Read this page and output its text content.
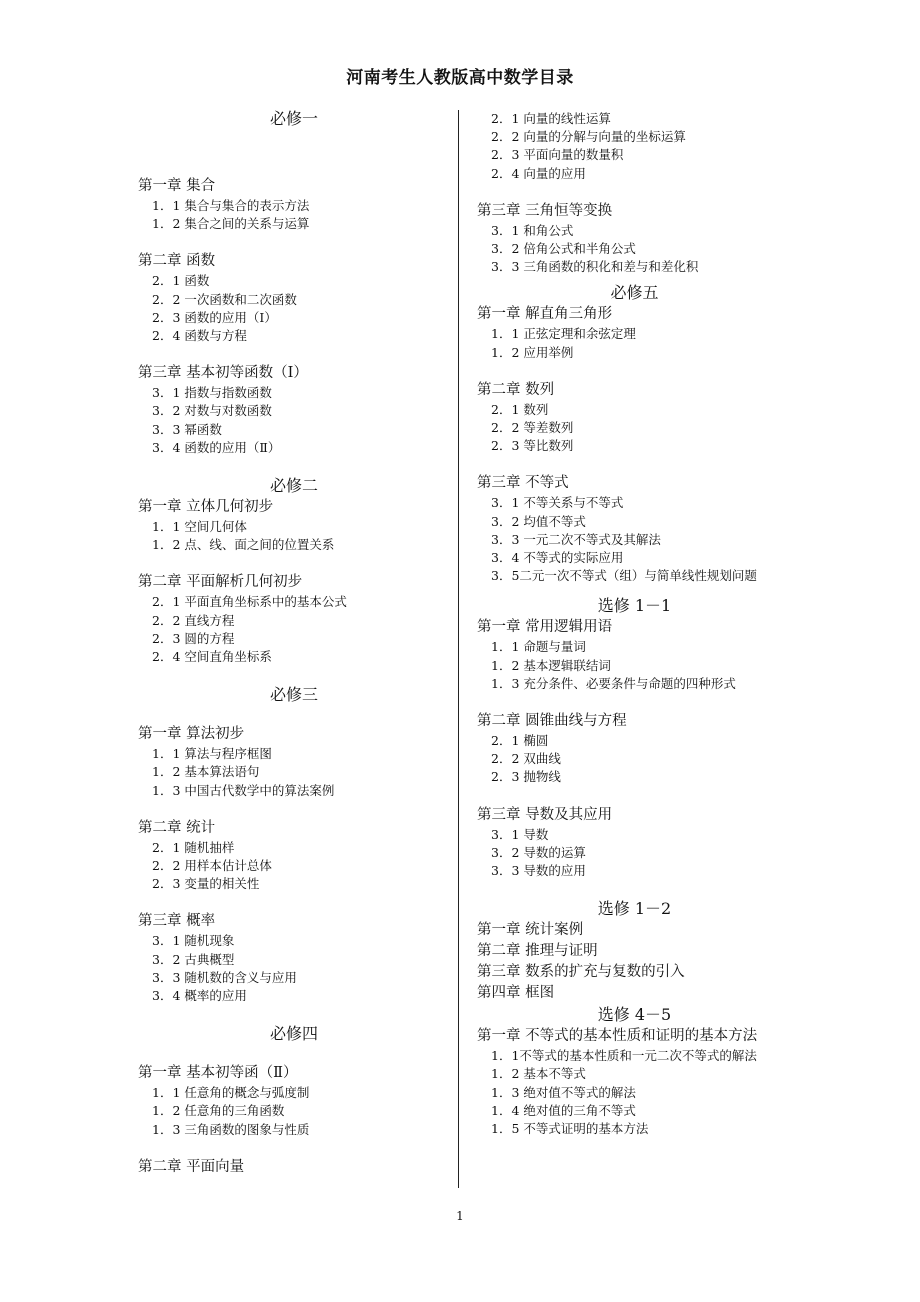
河南考生人教版高中数学目录
必修一
第一章 集合
1．1 集合与集合的表示方法
1．2 集合之间的关系与运算
第二章 函数
2．1 函数
2．2 一次函数和二次函数
2．3 函数的应用（Ⅰ）
2．4 函数与方程
第三章 基本初等函数（Ⅰ）
3．1 指数与指数函数
3．2 对数与对数函数
3．3 幂函数
3．4 函数的应用（Ⅱ）
必修二
第一章 立体几何初步
1．1 空间几何体
1．2 点、线、面之间的位置关系
第二章 平面解析几何初步
2．1 平面直角坐标系中的基本公式
2．2 直线方程
2．3 圆的方程
2．4 空间直角坐标系
必修三
第一章 算法初步
1．1 算法与程序框图
1．2 基本算法语句
1．3 中国古代数学中的算法案例
第二章 统计
2．1 随机抽样
2．2 用样本估计总体
2．3 变量的相关性
第三章 概率
3．1 随机现象
3．2 古典概型
3．3 随机数的含义与应用
3．4 概率的应用
必修四
第一章 基本初等函（Ⅱ）
1．1 任意角的概念与弧度制
1．2 任意角的三角函数
1．3 三角函数的图象与性质
第二章 平面向量
2．1 向量的线性运算
2．2 向量的分解与向量的坐标运算
2．3 平面向量的数量积
2．4 向量的应用
第三章 三角恒等变换
3．1 和角公式
3．2 倍角公式和半角公式
3．3 三角函数的积化和差与和差化积
必修五
第一章 解直角三角形
1．1 正弦定理和余弦定理
1．2 应用举例
第二章 数列
2．1 数列
2．2 等差数列
2．3 等比数列
第三章 不等式
3．1 不等关系与不等式
3．2 均值不等式
3．3 一元二次不等式及其解法
3．4 不等式的实际应用
3．5二元一次不等式（组）与简单线性规划问题
选修 1－1
第一章 常用逻辑用语
1．1 命题与量词
1．2 基本逻辑联结词
1．3 充分条件、必要条件与命题的四种形式
第二章 圆锥曲线与方程
2．1 椭圆
2．2 双曲线
2．3 抛物线
第三章 导数及其应用
3．1 导数
3．2 导数的运算
3．3 导数的应用
选修 1－2
第一章 统计案例
第二章 推理与证明
第三章 数系的扩充与复数的引入
第四章 框图
选修 4－5
第一章 不等式的基本性质和证明的基本方法
1．1不等式的基本性质和一元二次不等式的解法
1．2 基本不等式
1．3 绝对值不等式的解法
1．4 绝对值的三角不等式
1．5 不等式证明的基本方法
1
